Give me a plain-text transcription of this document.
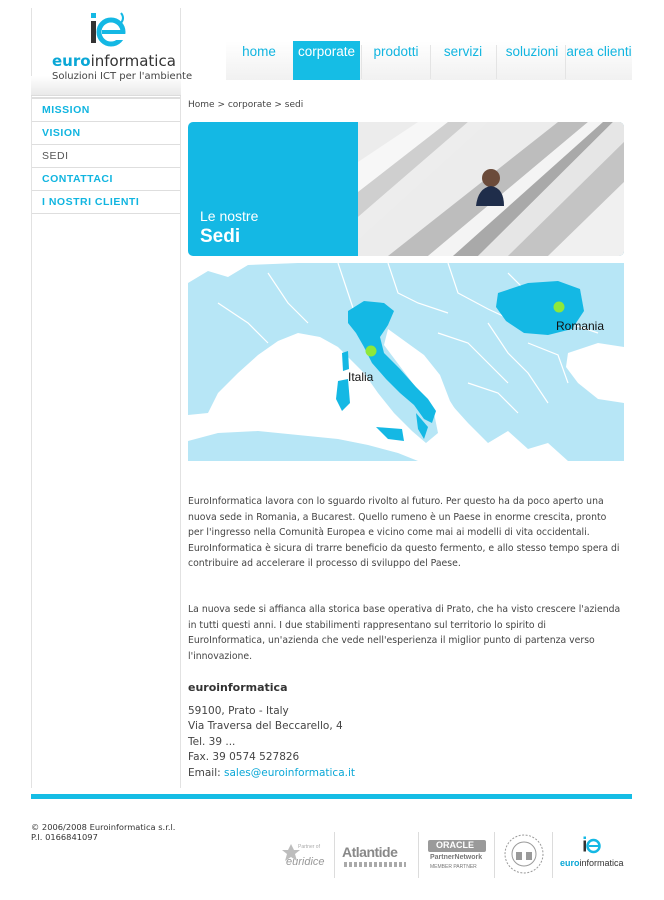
euroinformatica
Soluzioni ICT per l'ambiente
home	corporate	prodotti	servizi	soluzioni area clienti
MISSION
VISION
SEDI
CONTATTACI
I NOSTRI CLIENTI
Home > corporate > sedi
Le nostre
Sedi
Italia
Romania
EuroInformatica lavora con lo sguardo rivolto al futuro. Per questo ha da poco aperto una nuova sede in Romania, a Bucarest. Quello rumeno è un Paese in enorme crescita, pronto per l'ingresso nella Comunità Europea e vicino come mai ai modelli di vita occidentali. EuroInformatica è sicura di trarre beneficio da questo fermento, e allo stesso tempo spera di contribuire ad accelerare il processo di sviluppo del Paese.
La nuova sede si affianca alla storica base operativa di Prato, che ha visto crescere l'azienda in tutti questi anni. I due stabilimenti rappresentano sul territorio lo spirito di EuroInformatica, un'azienda che vede nell'esperienza il miglior punto di partenza verso l'innovazione.
euroinformatica
59100, Prato - Italy
Via Traversa del Beccarello, 4
Tel. 39 ...
Fax. 39 0574 527826
Email: sales@euroinformatica.it
© 2006/2008 Euroinformatica s.r.l.
P.I. 0166841097
Partner of
euridice
Atlantide	ORACLE
PartnerNetwork
MEMBER PARTNER	euroinformatica
